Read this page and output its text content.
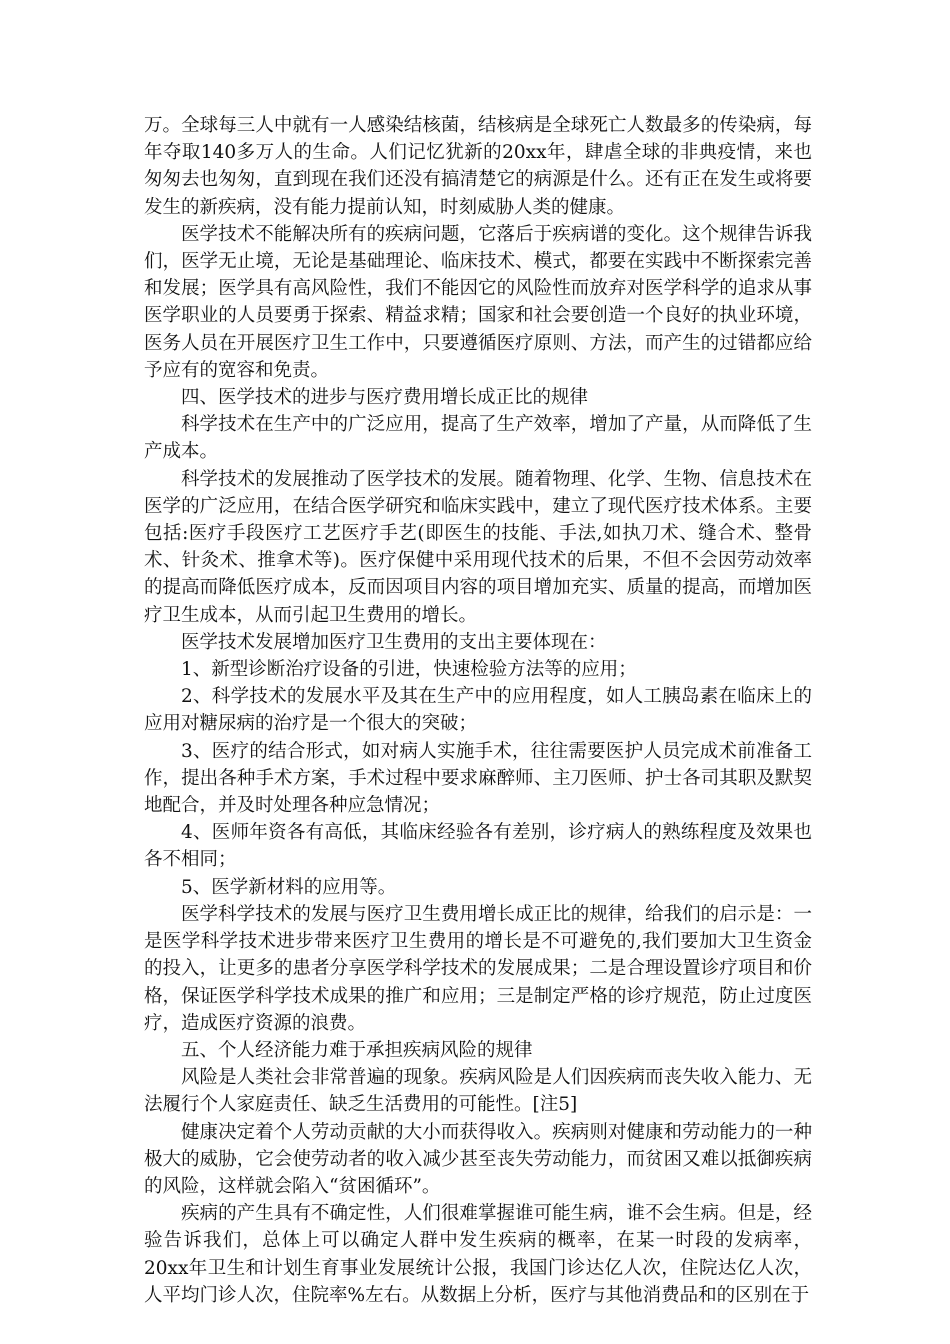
万。全球每三人中就有一人感染结核菌，结核病是全球死亡人数最多的传染病，每年夺取140多万人的生命。人们记忆犹新的20xx年，肆虐全球的非典疫情，来也匆匆去也匆匆，直到现在我们还没有搞清楚它的病源是什么。还有正在发生或将要发生的新疾病，没有能力提前认知，时刻威胁人类的健康。

医学技术不能解决所有的疾病问题，它落后于疾病谱的变化。这个规律告诉我们，医学无止境，无论是基础理论、临床技术、模式，都要在实践中不断探索完善和发展；医学具有高风险性，我们不能因它的风险性而放弃对医学科学的追求从事医学职业的人员要勇于探索、精益求精；国家和社会要创造一个良好的执业环境，医务人员在开展医疗卫生工作中，只要遵循医疗原则、方法，而产生的过错都应给予应有的宽容和免责。

四、医学技术的进步与医疗费用增长成正比的规律

科学技术在生产中的广泛应用，提高了生产效率，增加了产量，从而降低了生产成本。

科学技术的发展推动了医学技术的发展。随着物理、化学、生物、信息技术在医学的广泛应用，在结合医学研究和临床实践中，建立了现代医疗技术体系。主要包括:医疗手段医疗工艺医疗手艺(即医生的技能、手法,如执刀术、缝合术、整骨术、针灸术、推拿术等)。医疗保健中采用现代技术的后果，不但不会因劳动效率的提高而降低医疗成本，反而因项目内容的项目增加充实、质量的提高，而增加医疗卫生成本，从而引起卫生费用的增长。

医学技术发展增加医疗卫生费用的支出主要体现在：

1、新型诊断治疗设备的引进，快速检验方法等的应用；

2、科学技术的发展水平及其在生产中的应用程度，如人工胰岛素在临床上的应用对糖尿病的治疗是一个很大的突破；

3、医疗的结合形式，如对病人实施手术，往往需要医护人员完成术前准备工作，提出各种手术方案，手术过程中要求麻醉师、主刀医师、护士各司其职及默契地配合，并及时处理各种应急情况；

4、医师年资各有高低，其临床经验各有差别，诊疗病人的熟练程度及效果也各不相同；

5、医学新材料的应用等。

医学科学技术的发展与医疗卫生费用增长成正比的规律，给我们的启示是：一是医学科学技术进步带来医疗卫生费用的增长是不可避免的,我们要加大卫生资金的投入，让更多的患者分享医学科学技术的发展成果；二是合理设置诊疗项目和价格，保证医学科学技术成果的推广和应用；三是制定严格的诊疗规范，防止过度医疗，造成医疗资源的浪费。

五、个人经济能力难于承担疾病风险的规律

风险是人类社会非常普遍的现象。疾病风险是人们因疾病而丧失收入能力、无法履行个人家庭责任、缺乏生活费用的可能性。[注5]

健康决定着个人劳动贡献的大小而获得收入。疾病则对健康和劳动能力的一种极大的威胁，它会使劳动者的收入减少甚至丧失劳动能力，而贫困又难以抵御疾病的风险，这样就会陷入“贫困循环”。

疾病的产生具有不确定性，人们很难掌握谁可能生病，谁不会生病。但是，经验告诉我们，总体上可以确定人群中发生疾病的概率，在某一时段的发病率，20xx年卫生和计划生育事业发展统计公报，我国门诊达亿人次，住院达亿人次，人平均门诊人次，住院率%左右。从数据上分析，医疗与其他消费品和的区别在于
